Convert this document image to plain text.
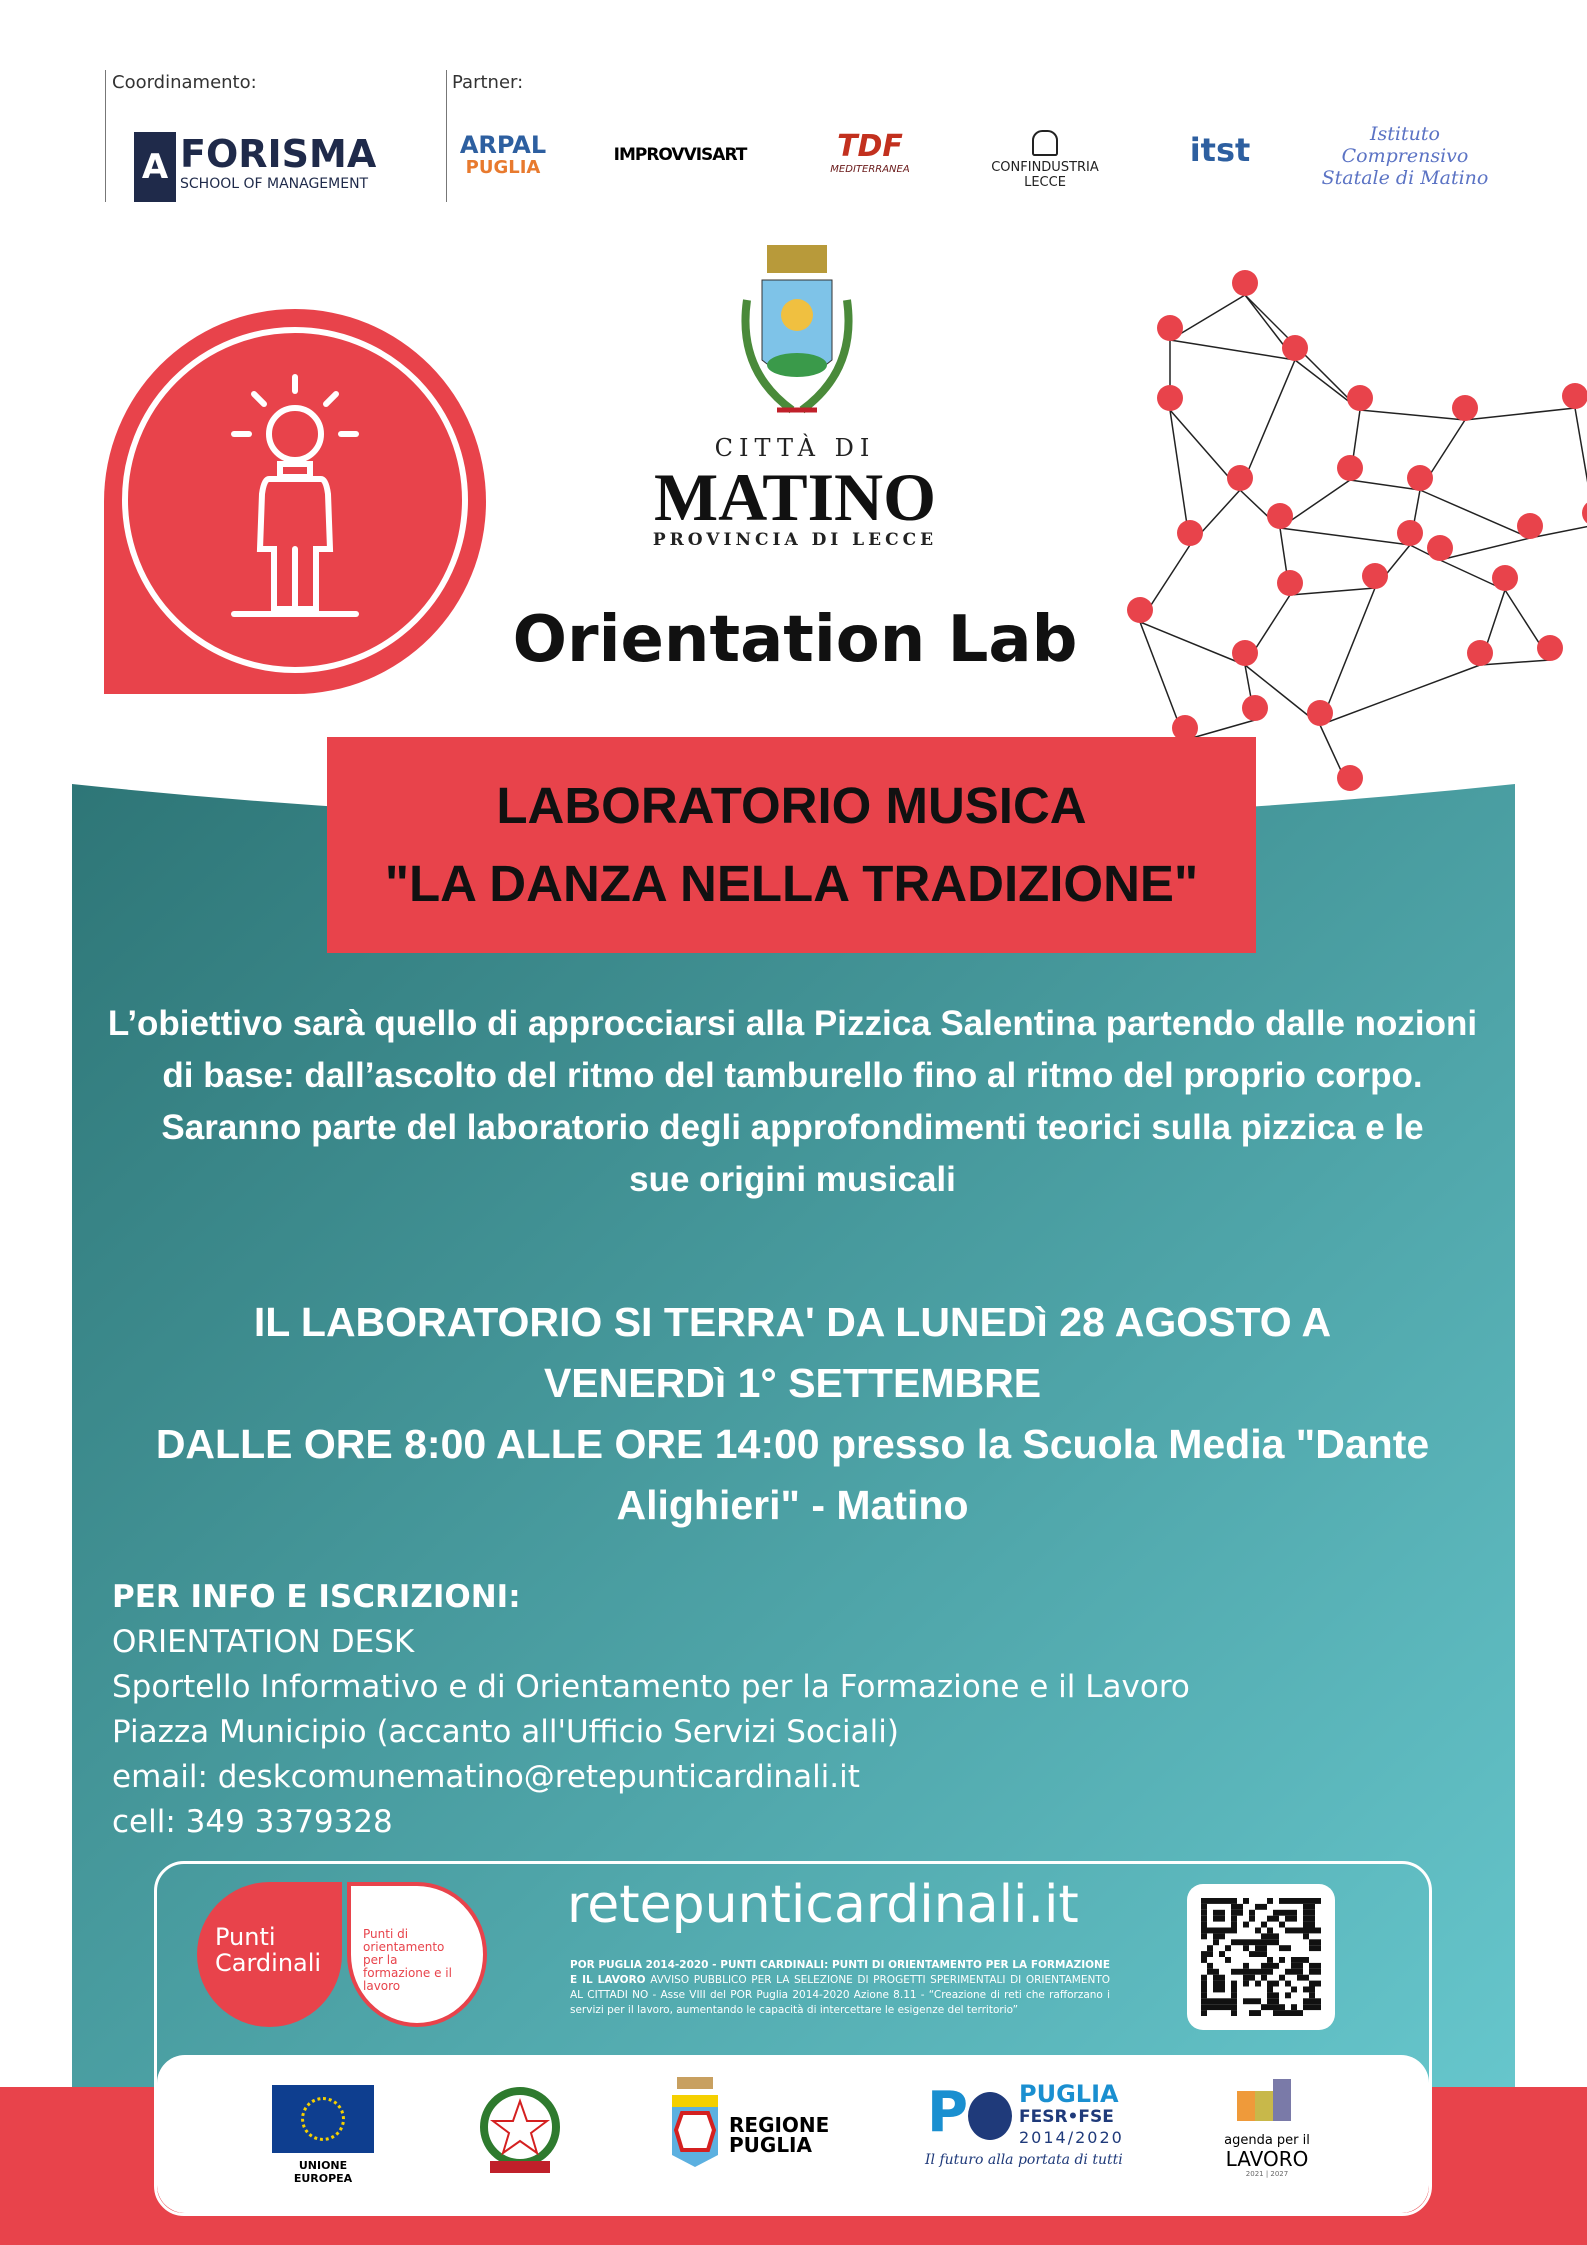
Coordinamento:	Partner:
A FORISMA
SCHOOL OF MANAGEMENT
ARPAL
PUGLIA
IMPROVVISART	TDF
MEDITERRANEA	CONFINDUSTRIA LECCE
itst	Istituto Comprensivo Statale di Matino
CITTÀ DI
MATINO
PROVINCIA DI LECCE
Orientation Lab
LABORATORIO MUSICA
"LA DANZA NELLA TRADIZIONE"
L’obiettivo sarà quello di approcciarsi alla Pizzica Salentina partendo dalle nozioni di base: dall’ascolto del ritmo del tamburello fino al ritmo del proprio corpo.
Saranno parte del laboratorio degli approfondimenti teorici sulla pizzica e le sue origini musicali
IL LABORATORIO SI TERRA' DA LUNEDì 28 AGOSTO A VENERDì 1° SETTEMBRE
DALLE ORE 8:00 ALLE ORE 14:00 presso la Scuola Media "Dante Alighieri" - Matino
PER INFO E ISCRIZIONI:
ORIENTATION DESK
Sportello Informativo e di Orientamento per la Formazione e il Lavoro
Piazza Municipio (accanto all'Ufficio Servizi Sociali)
email: deskcomunematino@retepunticardinali.it
cell: 349 3379328
Punti Cardinali
Punti di orientamento per la formazione e il lavoro
retepunticardinali.it
POR PUGLIA 2014-2020 - PUNTI CARDINALI: PUNTI DI ORIENTAMENTO PER LA FORMAZIONE E IL LAVORO AVVISO PUBBLICO PER LA SELEZIONE DI PROGETTI SPERIMENTALI DI ORIENTAMENTO AL CITTADI NO - Asse VIII del POR Puglia 2014-2020 Azione 8.11 - “Creazione di reti che rafforzano i servizi per il lavoro, aumentando le capacità di intercettare le esigenze del territorio”
UNIONE EUROPEA
REGIONE PUGLIA P	PUGLIA
FESR•FSE
2014/2020
Il futuro alla portata di tutti
agenda per il
LAVORO
2021 | 2027
